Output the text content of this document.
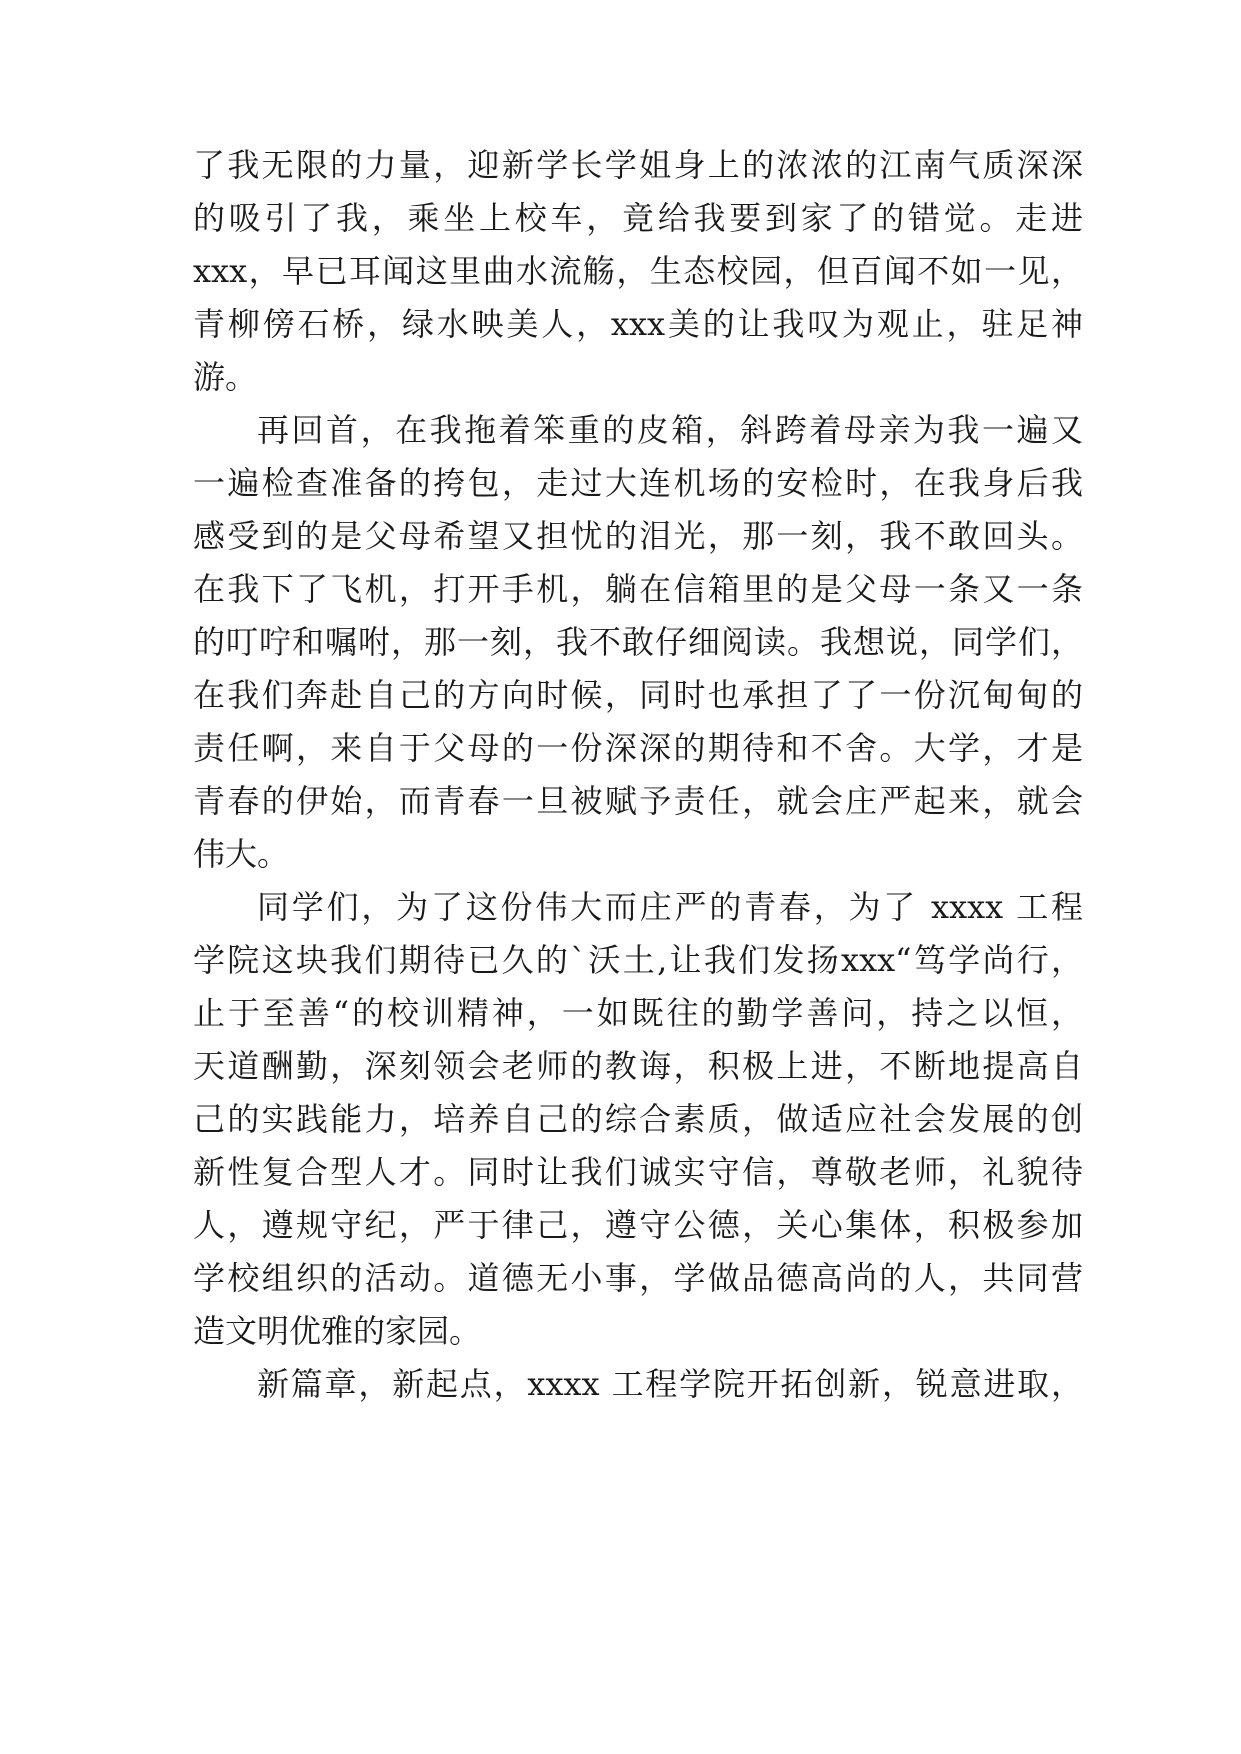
了我无限的力量，迎新学长学姐身上的浓浓的江南气质深深
的吸引了我，乘坐上校车，竟给我要到家了的错觉。走进
xxx，早已耳闻这里曲水流觞，生态校园，但百闻不如一见，
青柳傍石桥，绿水映美人，xxx美的让我叹为观止，驻足神
游。
再回首，在我拖着笨重的皮箱，斜跨着母亲为我一遍又
一遍检查准备的挎包，走过大连机场的安检时，在我身后我
感受到的是父母希望又担忧的泪光，那一刻，我不敢回头。
在我下了飞机，打开手机，躺在信箱里的是父母一条又一条
的叮咛和嘱咐，那一刻，我不敢仔细阅读。我想说，同学们，
在我们奔赴自己的方向时候，同时也承担了了一份沉甸甸的
责任啊，来自于父母的一份深深的期待和不舍。大学，才是
青春的伊始，而青春一旦被赋予责任，就会庄严起来，就会
伟大。
同学们，为了这份伟大而庄严的青春，为了 xxxx 工程
学院这块我们期待已久的`沃土,让我们发扬xxx“笃学尚行，
止于至善“的校训精神，一如既往的勤学善问，持之以恒，
天道酬勤，深刻领会老师的教诲，积极上进，不断地提高自
己的实践能力，培养自己的综合素质，做适应社会发展的创
新性复合型人才。同时让我们诚实守信，尊敬老师，礼貌待
人，遵规守纪，严于律己，遵守公德，关心集体，积极参加
学校组织的活动。道德无小事，学做品德高尚的人，共同营
造文明优雅的家园。
新篇章，新起点，xxxx 工程学院开拓创新，锐意进取，
